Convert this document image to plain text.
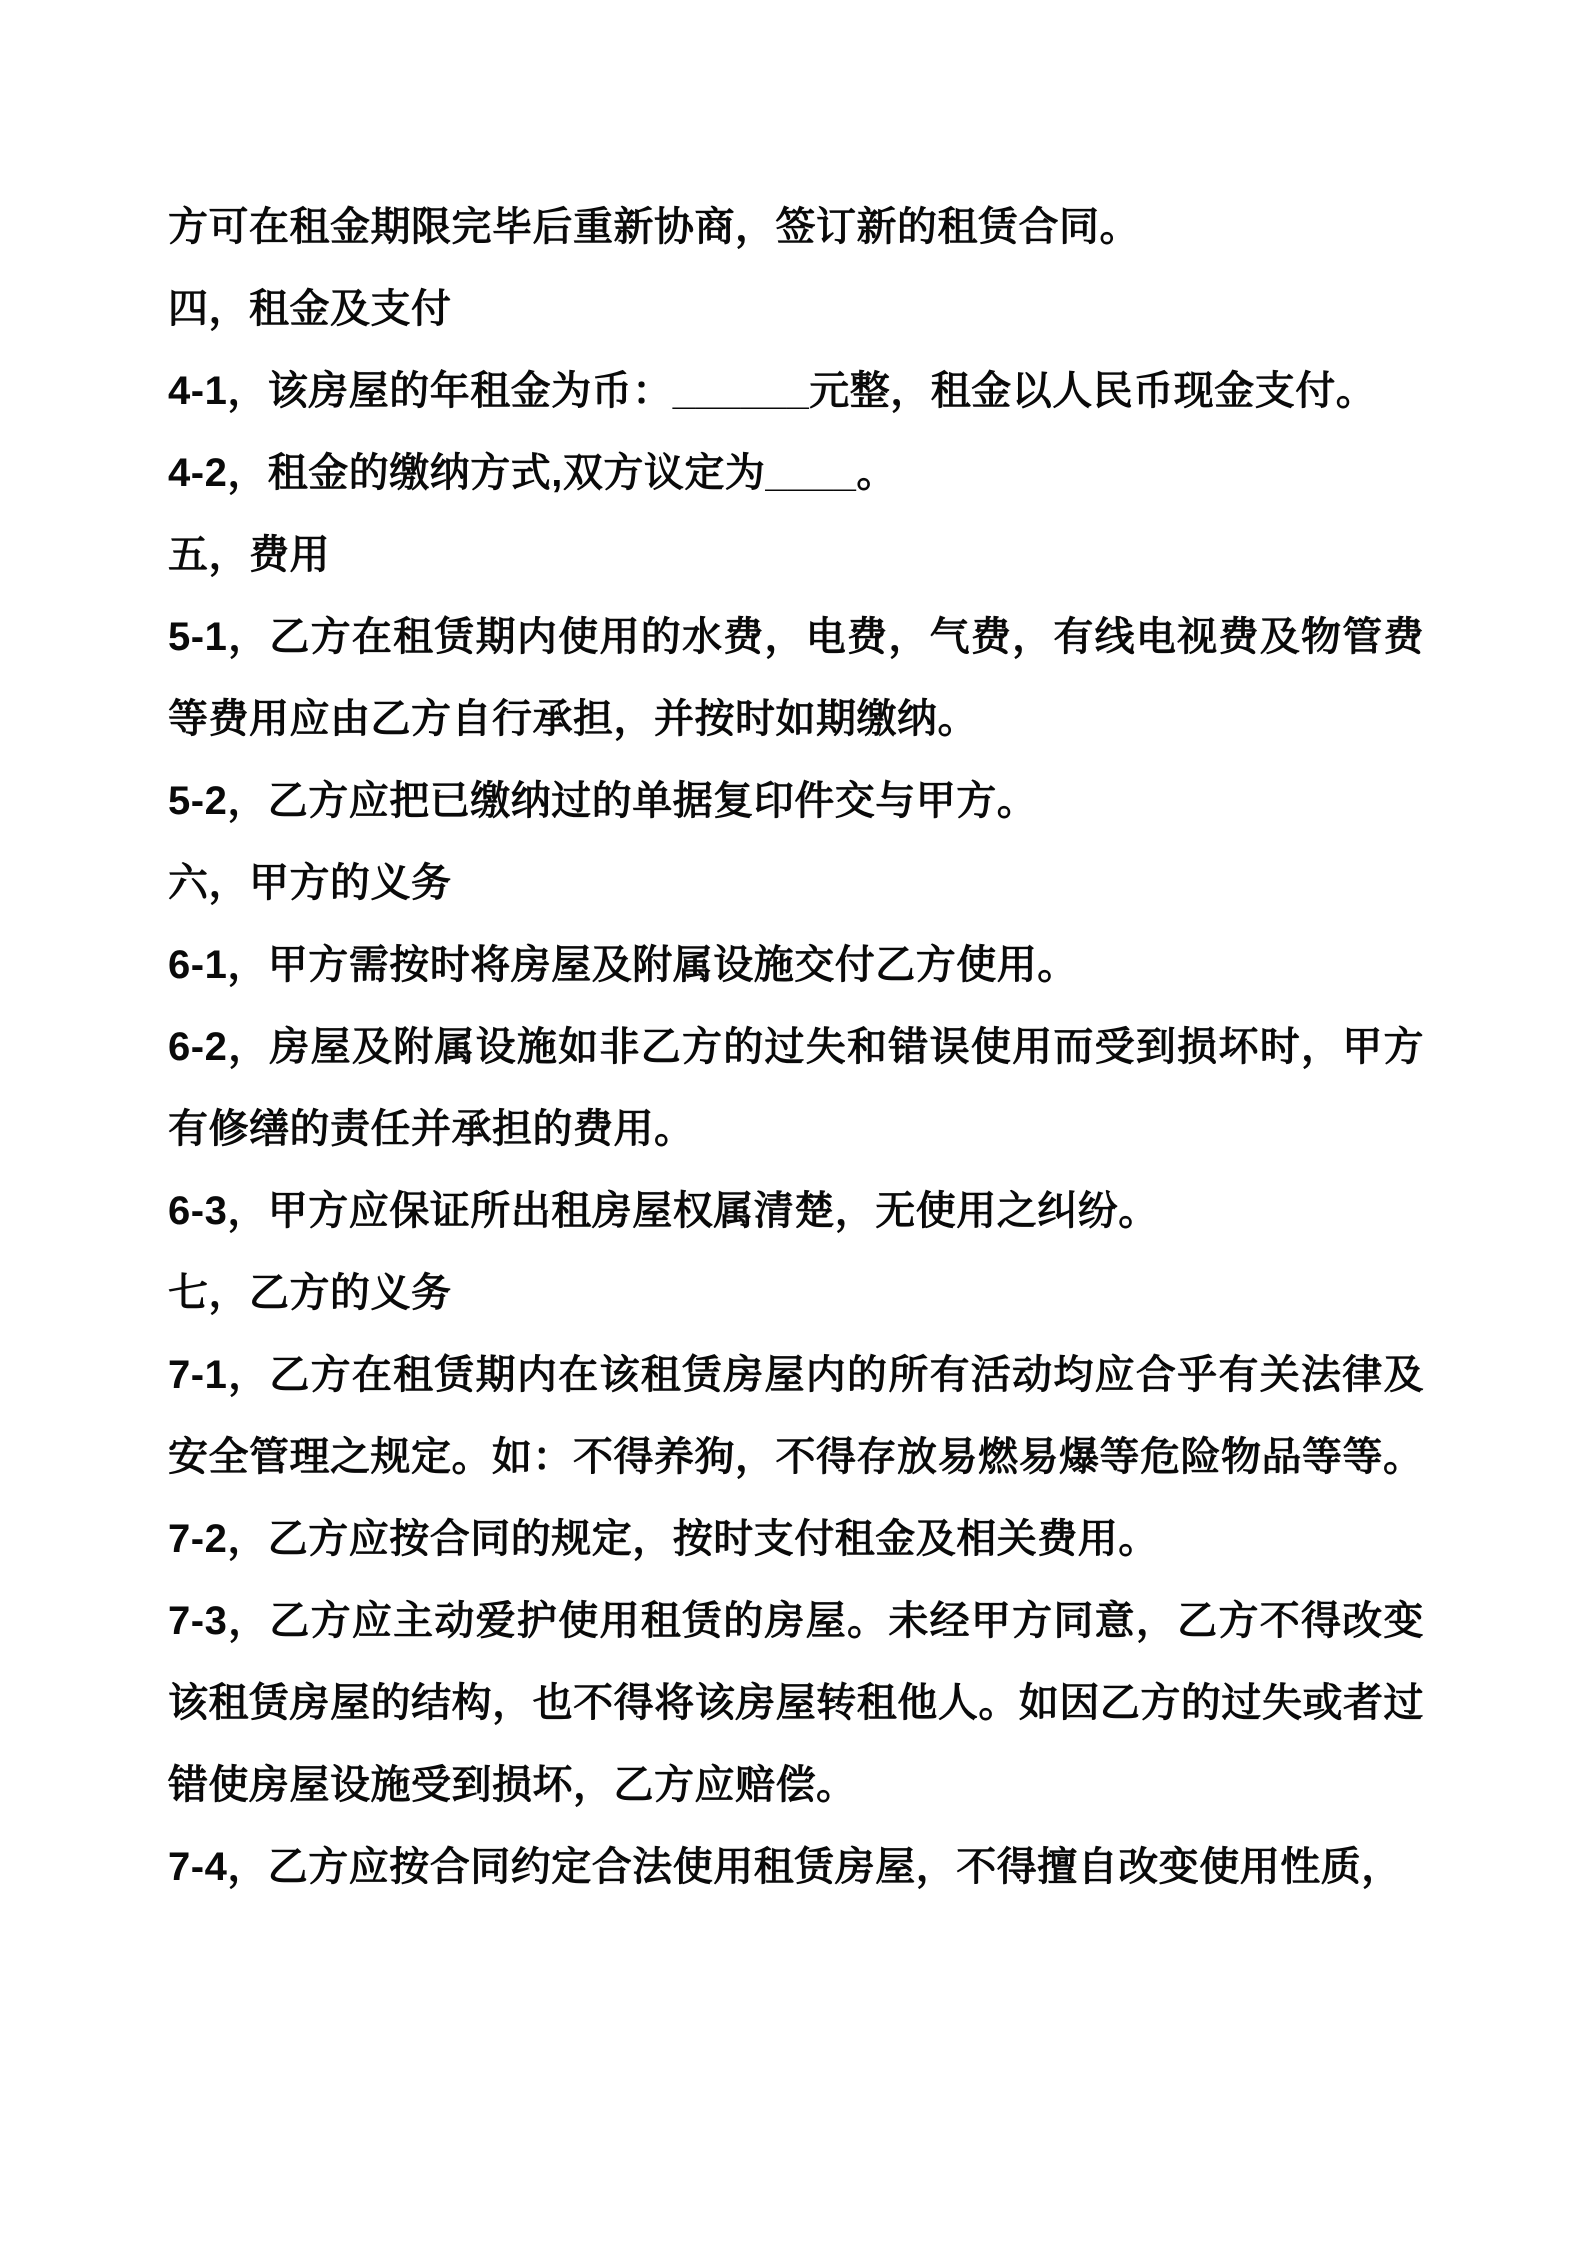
方可在租金期限完毕后重新协商，签订新的租赁合同。

四，租金及支付

4-1，该房屋的年租金为币：______元整，租金以人民币现金支付。

4-2，租金的缴纳方式,双方议定为____。

五，费用

5-1，乙方在租赁期内使用的水费，电费，气费，有线电视费及物管费等费用应由乙方自行承担，并按时如期缴纳。

5-2，乙方应把已缴纳过的单据复印件交与甲方。

六，甲方的义务

6-1，甲方需按时将房屋及附属设施交付乙方使用。

6-2，房屋及附属设施如非乙方的过失和错误使用而受到损坏时，甲方有修缮的责任并承担的费用。

6-3，甲方应保证所出租房屋权属清楚，无使用之纠纷。

七，乙方的义务

7-1，乙方在租赁期内在该租赁房屋内的所有活动均应合乎有关法律及安全管理之规定。如：不得养狗，不得存放易燃易爆等危险物品等等。

7-2，乙方应按合同的规定，按时支付租金及相关费用。

7-3，乙方应主动爱护使用租赁的房屋。未经甲方同意，乙方不得改变该租赁房屋的结构，也不得将该房屋转租他人。如因乙方的过失或者过错使房屋设施受到损坏，乙方应赔偿。

7-4，乙方应按合同约定合法使用租赁房屋，不得擅自改变使用性质，
